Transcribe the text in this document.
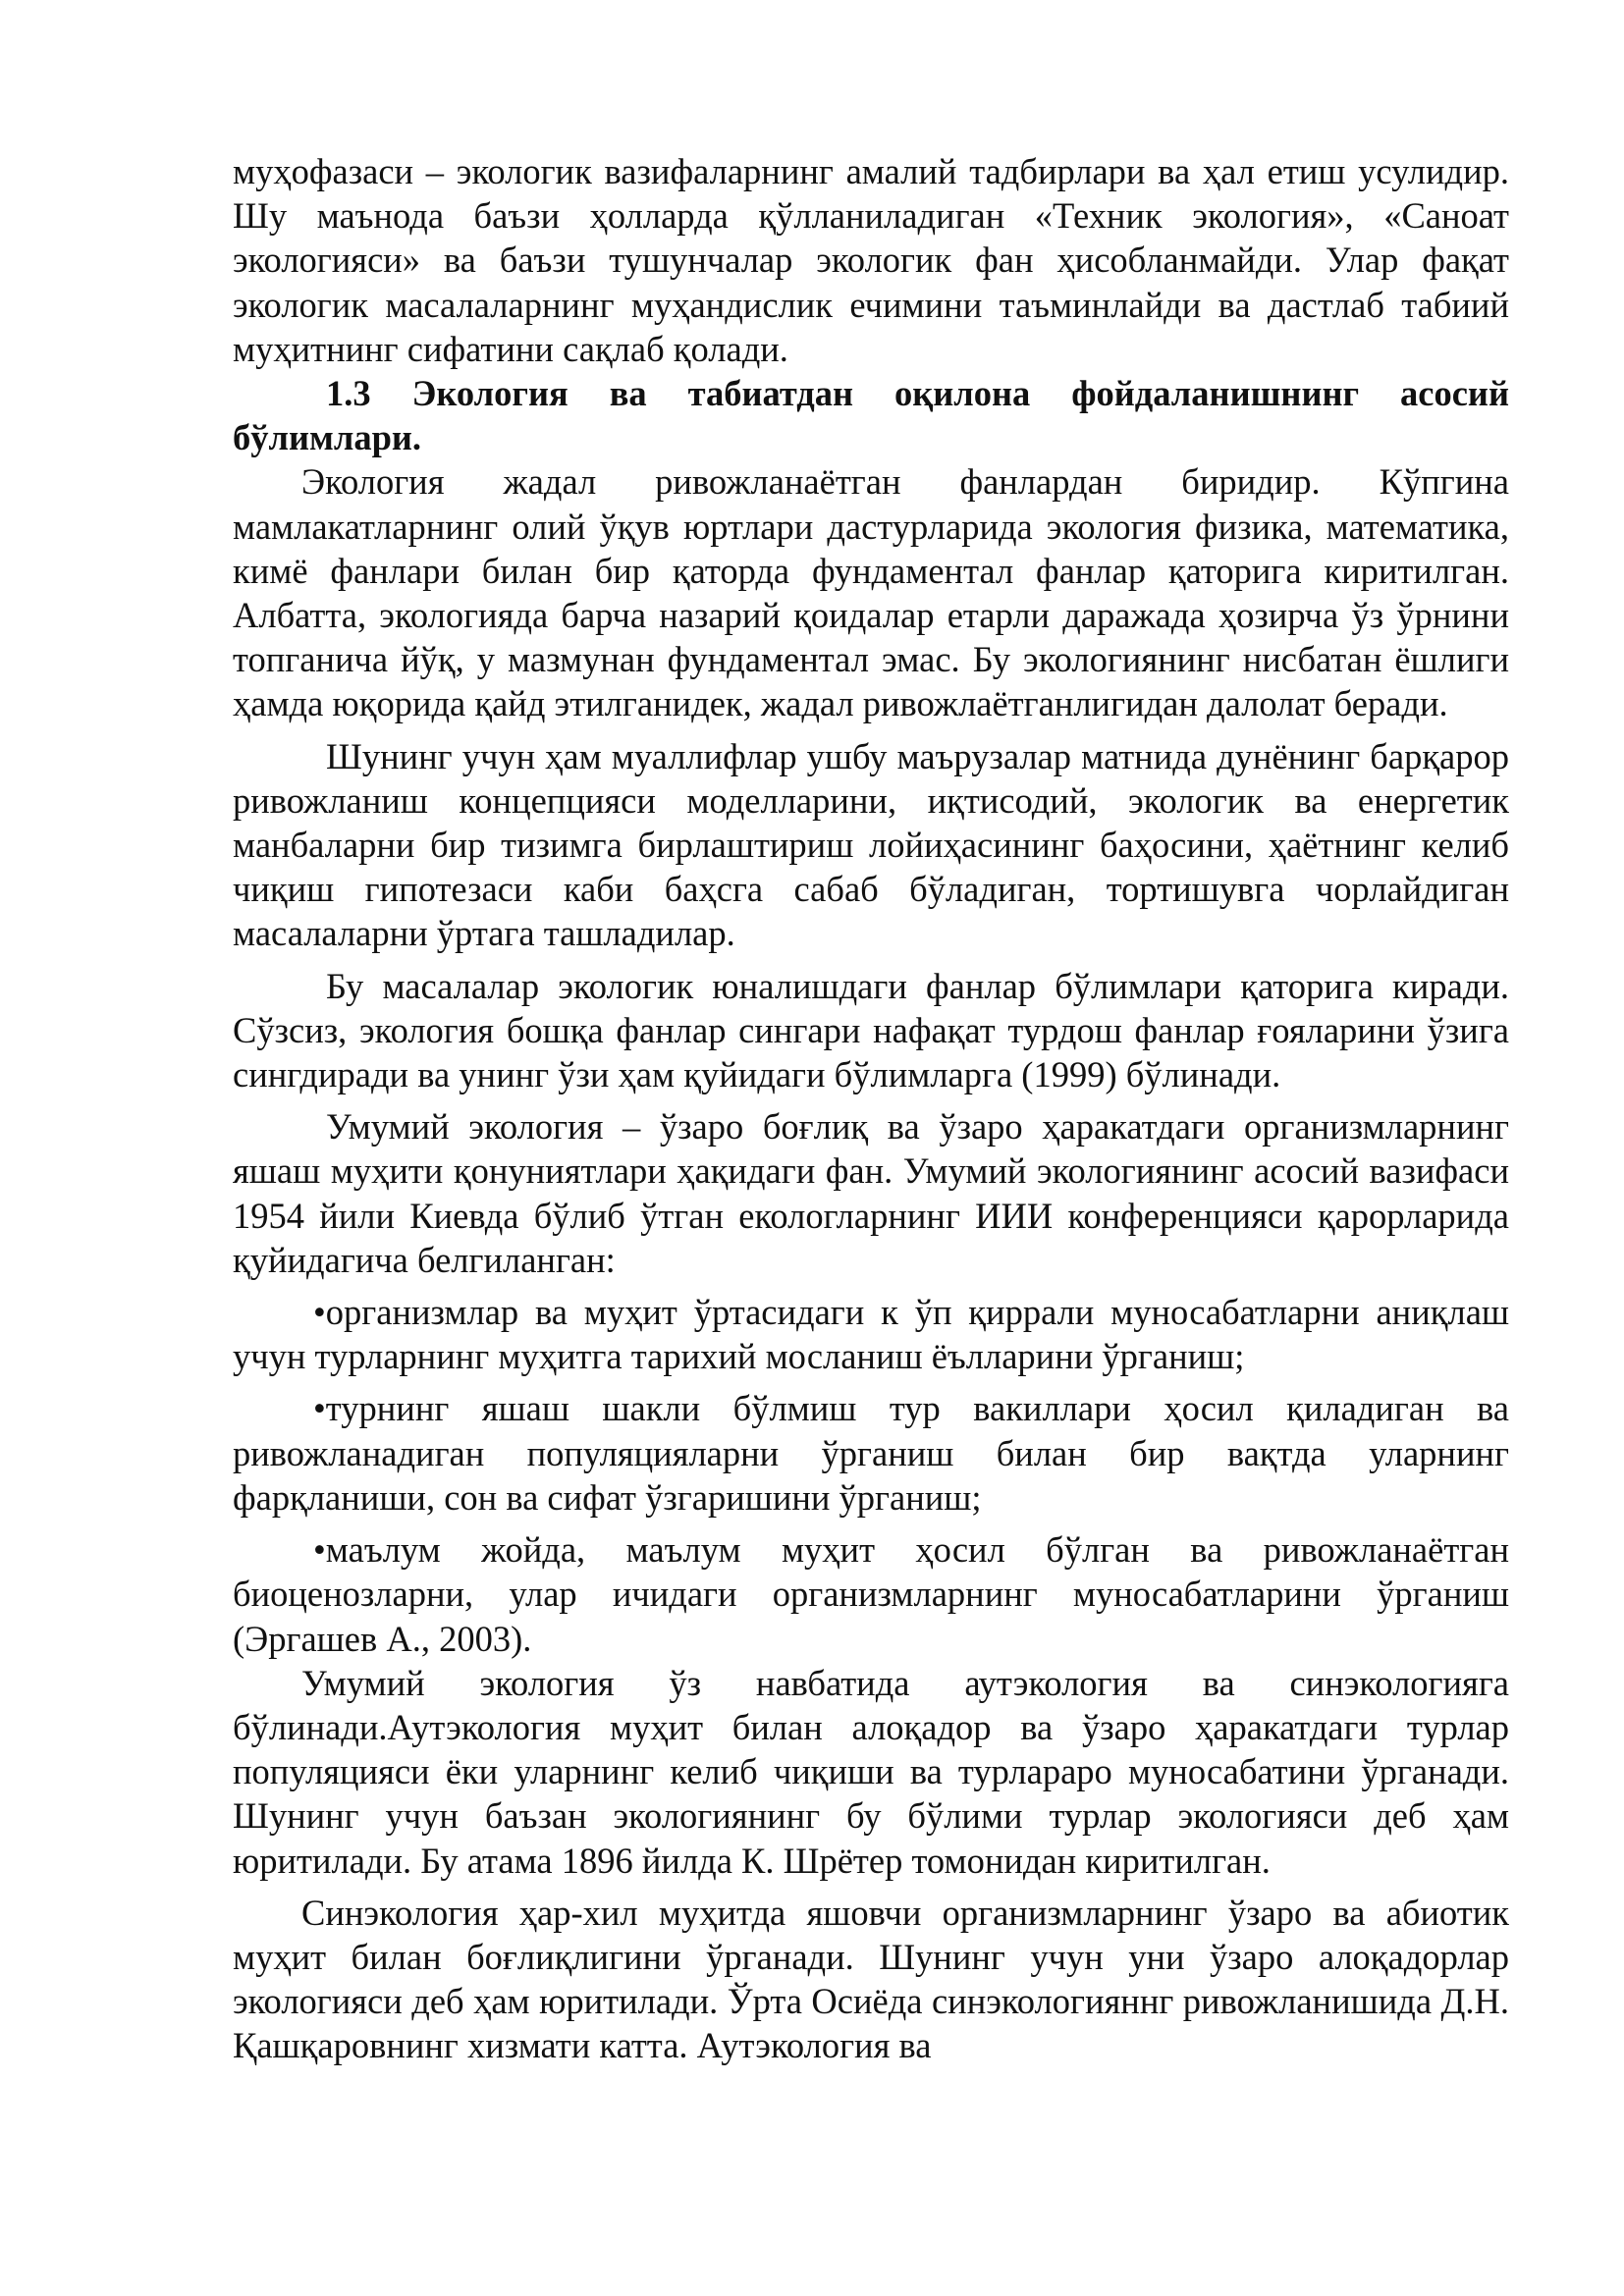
муҳофазаси – экологик вазифаларнинг амалий тадбирлари ва ҳал етиш усулидир. Шу маънода баъзи ҳолларда қўлланиладиган «Техник экология», «Саноат экологияси» ва баъзи тушунчалар экологик фан ҳисобланмайди. Улар фақат экологик масалаларнинг муҳандислик ечимини таъминлайди ва дастлаб табиий муҳитнинг сифатини сақлаб қолади.

1.3 Экология ва табиатдан оқилона фойдаланишнинг асосий бўлимлари.

Экология жадал ривожланаётган фанлардан биридир. Кўпгина мамлакатларнинг олий ўқув юртлари дастурларида экология физика, математика, кимё фанлари билан бир қаторда фундаментал фанлар қаторига киритилган. Албатта, экологияда барча назарий қоидалар етарли даражада ҳозирча ўз ўрнини топганича йўқ, у мазмунан фундаментал эмас. Бу экологиянинг нисбатан ёшлиги ҳамда юқорида қайд этилганидек, жадал ривожлаётганлигидан далолат беради.

Шунинг учун ҳам муаллифлар ушбу маърузалар матнида дунёнинг барқарор ривожланиш концепцияси моделларини, иқтисодий, экологик ва енергетик манбаларни бир тизимга бирлаштириш лойиҳасининг баҳосини, ҳаётнинг келиб чиқиш гипотезаси каби баҳсга сабаб бўладиган, тортишувга чорлайдиган масалаларни ўртага ташладилар.

Бу масалалар экологик юналишдаги фанлар бўлимлари қаторига киради. Сўзсиз, экология бошқа фанлар сингари нафақат турдош фанлар ғояларини ўзига сингдиради ва унинг ўзи ҳам қуйидаги бўлимларга (1999) бўлинади.

Умумий экология – ўзаро боғлиқ ва ўзаро ҳаракатдаги организмларнинг яшаш муҳити қонуниятлари ҳақидаги фан. Умумий экологиянинг асосий вазифаси 1954 йили Киевда бўлиб ўтган екологларнинг ИИИ конференцияси қарорларида қуйидагича белгиланган:

•организмлар ва муҳит ўртасидаги к ўп қиррали муносабатларни аниқлаш учун турларнинг муҳитга тарихий мосланиш ёълларини ўрганиш;

•турнинг яшаш шакли бўлмиш тур вакиллари ҳосил қиладиган ва ривожланадиган популяцияларни ўрганиш билан бир вақтда уларнинг фарқланиши, сон ва сифат ўзгаришини ўрганиш;

•маълум жойда, маълум муҳит ҳосил бўлган ва ривожланаётган биоценозларни, улар ичидаги организмларнинг муносабатларини ўрганиш (Эргашев А., 2003).

Умумий экология ўз навбатида аутэкология ва синэкологияга бўлинади.Аутэкология муҳит билан алоқадор ва ўзаро ҳаракатдаги турлар популяцияси ёки уларнинг келиб чиқиши ва турлараро муносабатини ўрганади. Шунинг учун баъзан экологиянинг бу бўлими турлар экологияси деб ҳам юритилади. Бу атама 1896 йилда К. Шрётер томонидан киритилган.

Синэкология ҳар-хил муҳитда яшовчи организмларнинг ўзаро ва абиотик муҳит билан боғлиқлигини ўрганади. Шунинг учун уни ўзаро алоқадорлар экологияси деб ҳам юритилади. Ўрта Осиёда синэкологияннг ривожланишида Д.Н. Қашқаровнинг хизмати катта. Аутэкология ва
